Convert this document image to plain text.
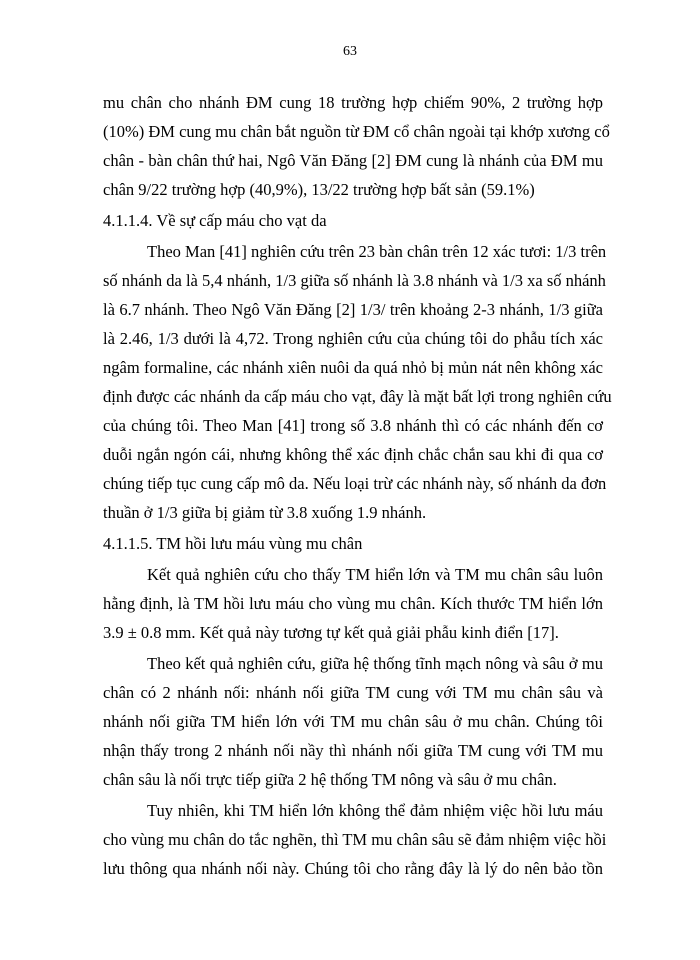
63
mu chân cho nhánh ĐM cung 18 trường hợp chiếm 90%, 2 trường hợp
(10%) ĐM cung mu chân bắt nguồn từ ĐM cổ chân ngoài tại khớp xương cổ
chân - bàn chân thứ hai, Ngô Văn Đăng [2] ĐM cung là nhánh của ĐM mu
chân 9/22 trường hợp (40,9%), 13/22 trường hợp bất sản (59.1%)
4.1.1.4. Về sự cấp máu cho vạt da
Theo Man [41] nghiên cứu trên 23 bàn chân trên 12 xác tươi: 1/3 trên
số nhánh da là 5,4 nhánh, 1/3 giữa số nhánh là 3.8 nhánh và 1/3 xa số nhánh
là 6.7 nhánh. Theo Ngô Văn Đăng [2] 1/3/ trên khoảng 2-3 nhánh, 1/3 giữa
là 2.46, 1/3 dưới là 4,72. Trong nghiên cứu của chúng tôi do phẫu tích xác
ngâm formaline, các nhánh xiên nuôi da quá nhỏ bị mủn nát nên không xác
định được các nhánh da cấp máu cho vạt, đây là mặt bất lợi trong nghiên cứu
của chúng tôi. Theo Man [41] trong số 3.8 nhánh thì có các nhánh đến cơ
duỗi ngắn ngón cái, nhưng không thể xác định chắc chắn sau khi đi qua cơ
chúng tiếp tục cung cấp mô da. Nếu loại trừ các nhánh này, số nhánh da đơn
thuần ở 1/3 giữa bị giảm từ 3.8 xuống 1.9 nhánh.
4.1.1.5. TM hồi lưu máu vùng mu chân
Kết quả nghiên cứu cho thấy TM hiển lớn và TM mu chân sâu luôn
hằng định, là TM hồi lưu máu cho vùng mu chân. Kích thước TM hiển lớn
3.9 ± 0.8 mm. Kết quả này tương tự kết quả giải phẫu kinh điển [17].
Theo kết quả nghiên cứu, giữa hệ thống tĩnh mạch nông và sâu ở mu
chân có 2 nhánh nối: nhánh nối giữa TM cung với TM mu chân sâu và
nhánh nối giữa TM hiển lớn với TM mu chân sâu ở mu chân. Chúng tôi
nhận thấy trong 2 nhánh nối nầy thì nhánh nối giữa TM cung với TM mu
chân sâu là nối trực tiếp giữa 2 hệ thống TM nông và sâu ở mu chân.
Tuy nhiên, khi TM hiển lớn không thể đảm nhiệm việc hồi lưu máu
cho vùng mu chân do tắc nghẽn, thì TM mu chân sâu sẽ đảm nhiệm việc hồi
lưu thông qua nhánh nối này. Chúng tôi cho rằng đây là lý do nên bảo tồn
